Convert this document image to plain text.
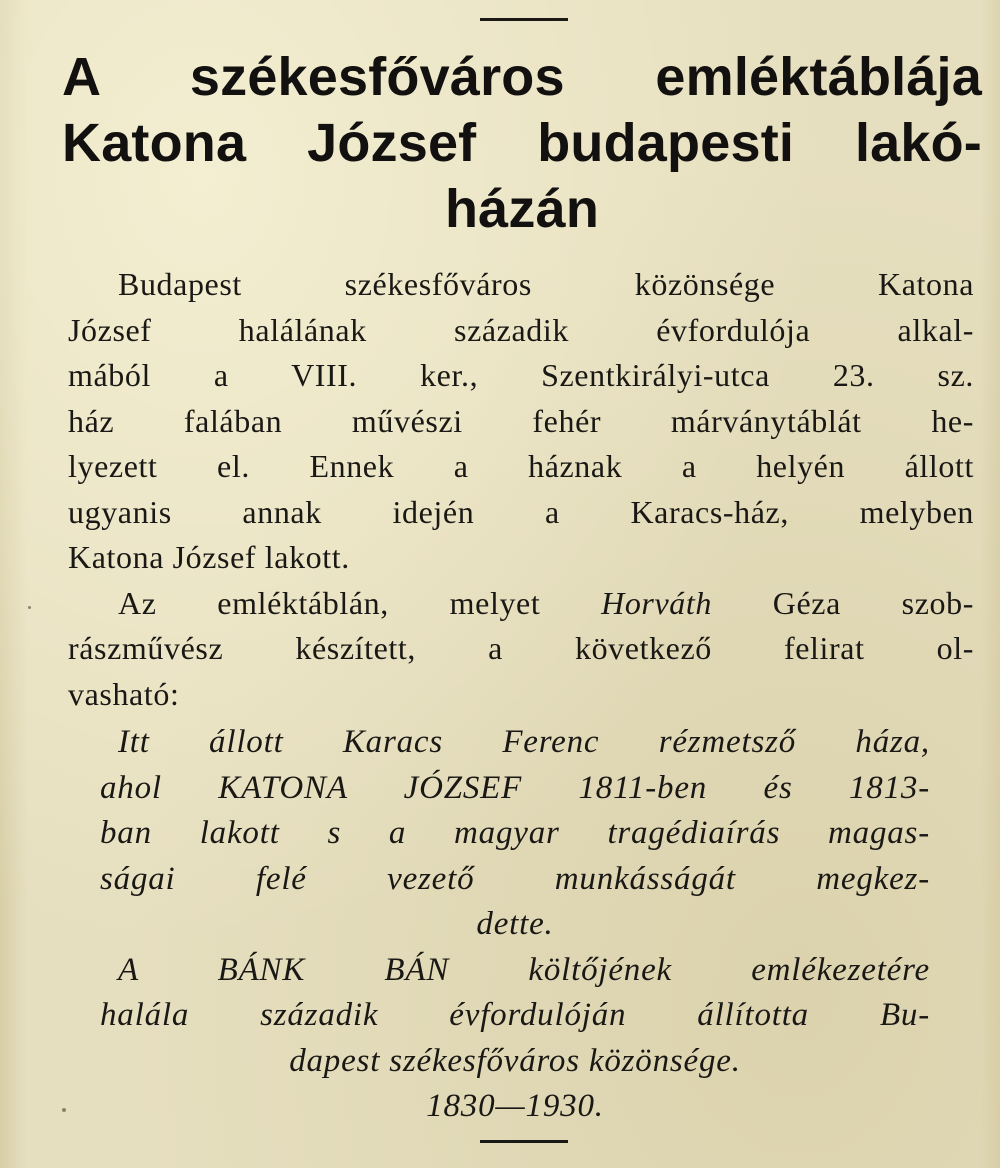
A székesfőváros emléktáblája
Katona József budapesti lakó-
házán
Budapest székesfőváros közönsége Katona
József halálának századik évfordulója alkal-
mából a VIII. ker., Szentkirályi-utca 23. sz.
ház falában művészi fehér márványtáblát he-
lyezett el. Ennek a háznak a helyén állott
ugyanis annak idején a Karacs-ház, melyben
Katona József lakott.
Az emléktáblán, melyet Horváth Géza szob-
rászművész készített, a következő felirat ol-
vasható:
Itt állott Karacs Ferenc rézmetsző háza,
ahol KATONA JÓZSEF 1811-ben és 1813-
ban lakott s a magyar tragédiaírás magas-
ságai felé vezető munkásságát megkez-
dette.
A BÁNK BÁN költőjének emlékezetére
halála századik évfordulóján állította Bu-
dapest székesfőváros közönsége.
1830—1930.
